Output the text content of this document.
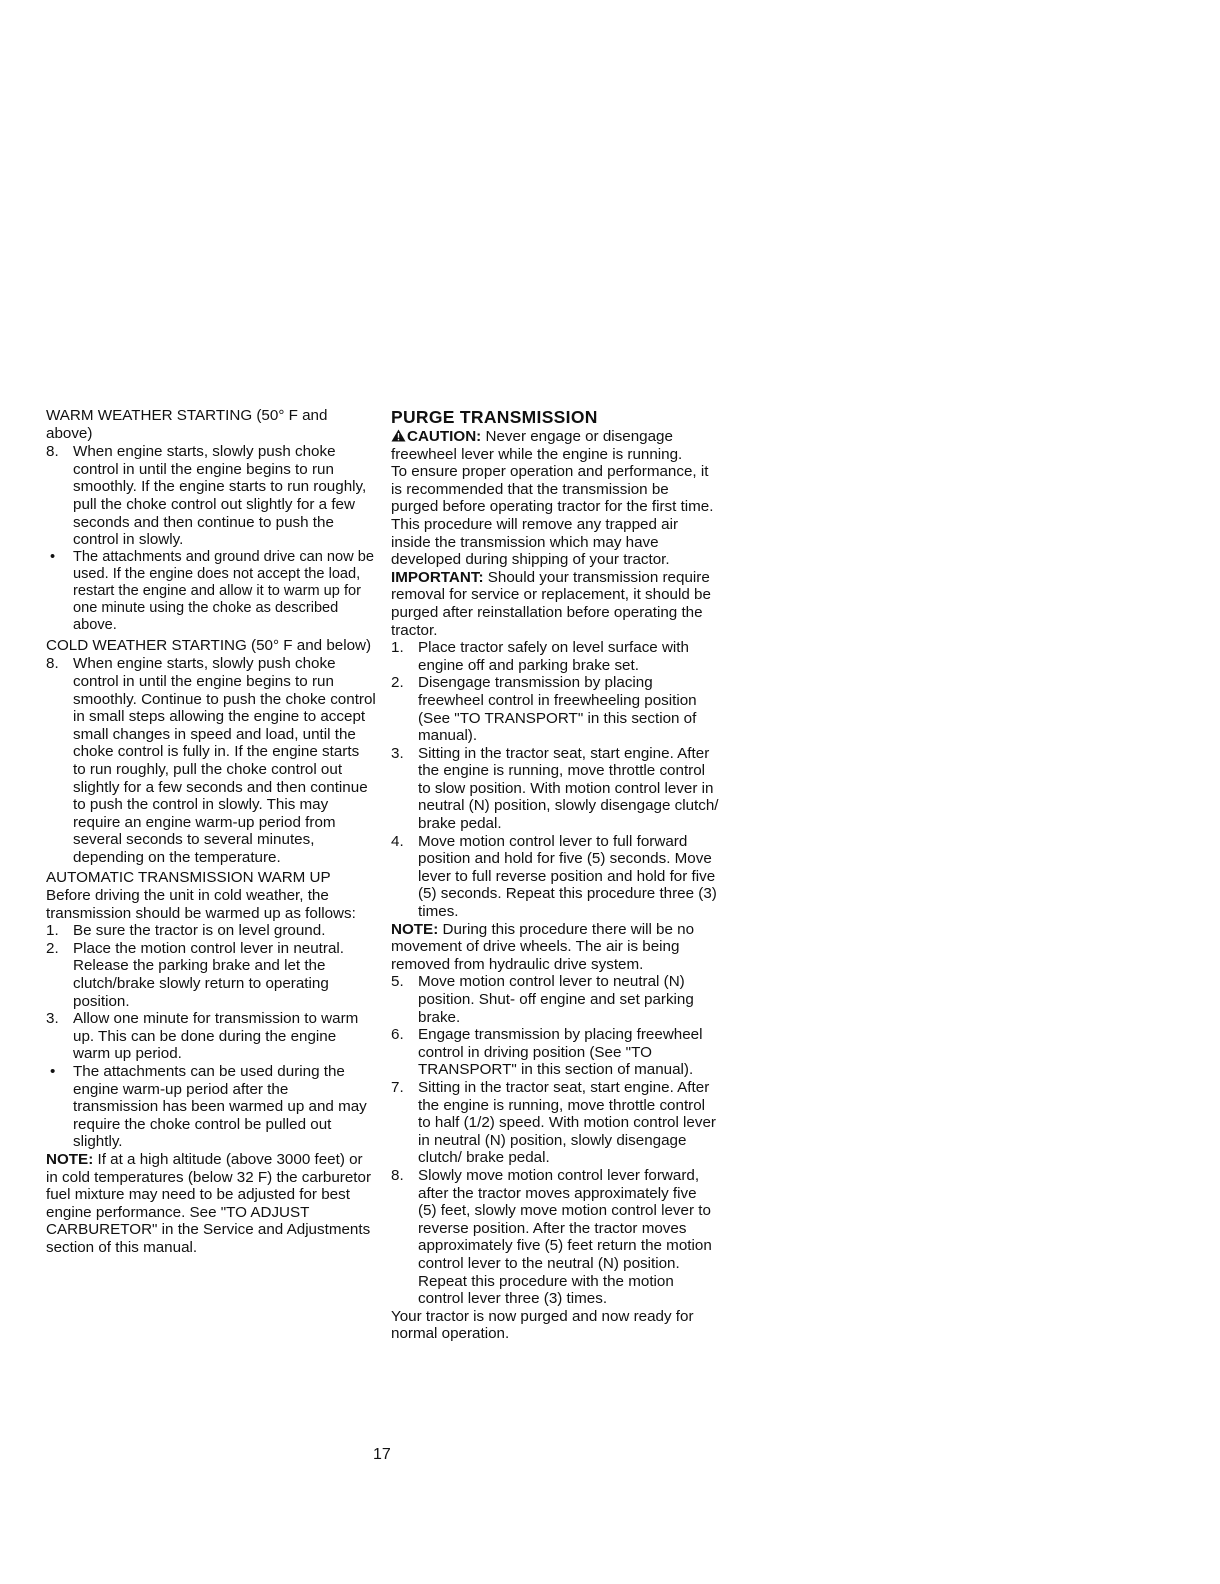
WARM WEATHER STARTING (50° F and above)

8. When engine starts, slowly push choke control in until the engine begins to run smoothly. If the engine starts to run roughly, pull the choke control out slightly for a few seconds and then continue to push the control in slowly.
• The attachments and ground drive can now be used. If the engine does not accept the load, restart the engine and allow it to warm up for one minute using the choke as described above.

COLD WEATHER STARTING (50° F and below)

8. When engine starts, slowly push choke control in until the engine begins to run smoothly. Continue to push the choke control in small steps allowing the engine to accept small changes in speed and load, until the choke control is fully in. If the engine starts to run roughly, pull the choke control out slightly for a few seconds and then continue to push the control in slowly. This may require an engine warm-up period from several seconds to several minutes, depending on the temperature.

AUTOMATIC TRANSMISSION WARM UP

Before driving the unit in cold weather, the transmission should be warmed up as follows:

1. Be sure the tractor is on level ground.
2. Place the motion control lever in neutral. Release the parking brake and let the clutch/brake slowly return to operating position.
3. Allow one minute for transmission to warm up. This can be done during the engine warm up period.
• The attachments can be used during the engine warm-up period after the transmission has been warmed up and may require the choke control be pulled out slightly.

NOTE: If at a high altitude (above 3000 feet) or in cold temperatures (below 32 F) the carburetor fuel mixture may need to be adjusted for best engine performance. See "TO ADJUST CARBURETOR" in the Service and Adjustments section of this manual.

PURGE TRANSMISSION

CAUTION: Never engage or disengage freewheel lever while the engine is running.

To ensure proper operation and performance, it is recommended that the transmission be purged before operating tractor for the first time. This procedure will remove any trapped air inside the transmission which may have developed during shipping of your tractor.

IMPORTANT: Should your transmission require removal for service or replacement, it should be purged after reinstallation before operating the tractor.

1. Place tractor safely on level surface with engine off and parking brake set.
2. Disengage transmission by placing freewheel control in freewheeling position (See "TO TRANSPORT" in this section of manual).
3. Sitting in the tractor seat, start engine. After the engine is running, move throttle control to slow position. With motion control lever in neutral (N) position, slowly disengage clutch/ brake pedal.
4. Move motion control lever to full forward position and hold for five (5) seconds. Move lever to full reverse position and hold for five (5) seconds. Repeat this procedure three (3) times.

NOTE: During this procedure there will be no movement of drive wheels. The air is being removed from hydraulic drive system.

5. Move motion control lever to neutral (N) position. Shut- off engine and set parking brake.
6. Engage transmission by placing freewheel control in driving position (See "TO TRANSPORT" in this section of manual).
7. Sitting in the tractor seat, start engine. After the engine is running, move throttle control to half (1/2) speed. With motion control lever in neutral (N) position, slowly disengage clutch/ brake pedal.
8. Slowly move motion control lever forward, after the tractor moves approximately five (5) feet, slowly move motion control lever to reverse position. After the tractor moves approximately five (5) feet return the motion control lever to the neutral (N) position. Repeat this procedure with the motion control lever three (3) times.

Your tractor is now purged and now ready for normal operation.

17
